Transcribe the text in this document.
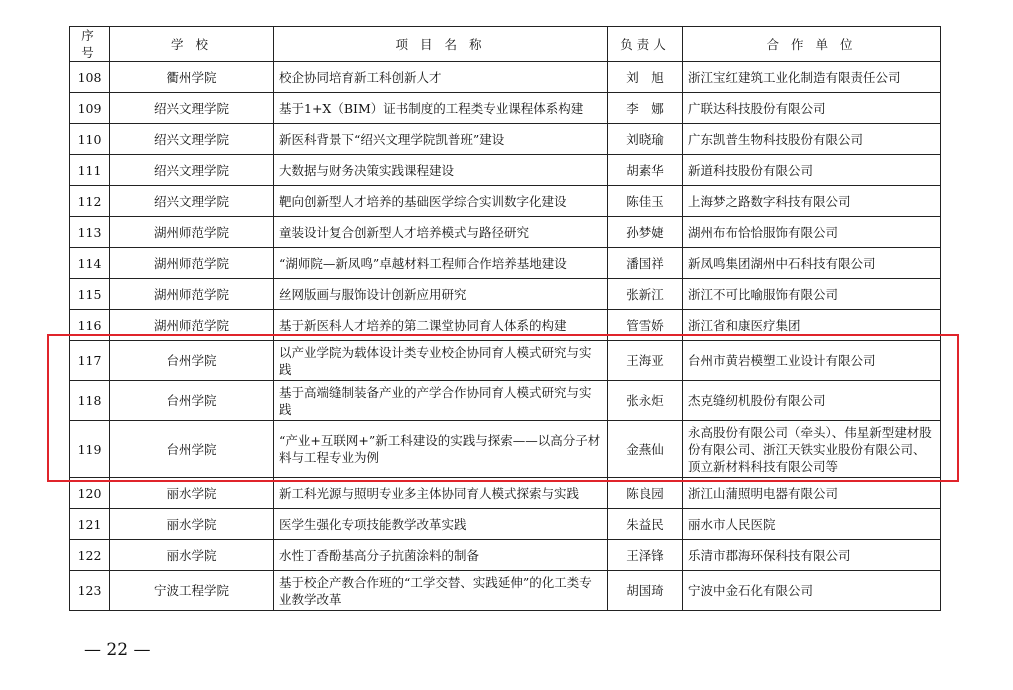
序号	学 校	项 目 名 称	负责人	合 作 单 位
108	衢州学院	校企协同培育新工科创新人才	刘　旭	浙江宝红建筑工业化制造有限责任公司
109	绍兴文理学院	基于1+X（BIM）证书制度的工程类专业课程体系构建	李　娜	广联达科技股份有限公司
110	绍兴文理学院	新医科背景下“绍兴文理学院凯普班”建设	刘晓瑜	广东凯普生物科技股份有限公司
111	绍兴文理学院	大数据与财务决策实践课程建设	胡素华	新道科技股份有限公司
112	绍兴文理学院	靶向创新型人才培养的基础医学综合实训数字化建设	陈佳玉	上海梦之路数字科技有限公司
113	湖州师范学院	童装设计复合创新型人才培养模式与路径研究	孙梦婕	湖州布布恰恰服饰有限公司
114	湖州师范学院	“湖师院—新凤鸣”卓越材料工程师合作培养基地建设	潘国祥	新凤鸣集团湖州中石科技有限公司
115	湖州师范学院	丝网版画与服饰设计创新应用研究	张新江	浙江不可比喻服饰有限公司
116	湖州师范学院	基于新医科人才培养的第二课堂协同育人体系的构建	管雪娇	浙江省和康医疗集团
117	台州学院	以产业学院为载体设计类专业校企协同育人模式研究与实践	王海亚	台州市黄岩模塑工业设计有限公司
118	台州学院	基于高端缝制装备产业的产学合作协同育人模式研究与实践	张永炬	杰克缝纫机股份有限公司
119	台州学院	“产业+互联网+”新工科建设的实践与探索——以高分子材料与工程专业为例	金燕仙	永高股份有限公司（牵头）、伟星新型建材股份有限公司、浙江天铁实业股份有限公司、顶立新材料科技有限公司等
120	丽水学院	新工科光源与照明专业多主体协同育人模式探索与实践	陈良园	浙江山蒲照明电器有限公司
121	丽水学院	医学生强化专项技能教学改革实践	朱益民	丽水市人民医院
122	丽水学院	水性丁香酚基高分子抗菌涂料的制备	王泽锋	乐清市郡海环保科技有限公司
123	宁波工程学院	基于校企产教合作班的“工学交替、实践延伸”的化工类专业教学改革	胡国琦	宁波中金石化有限公司
— 22 —
